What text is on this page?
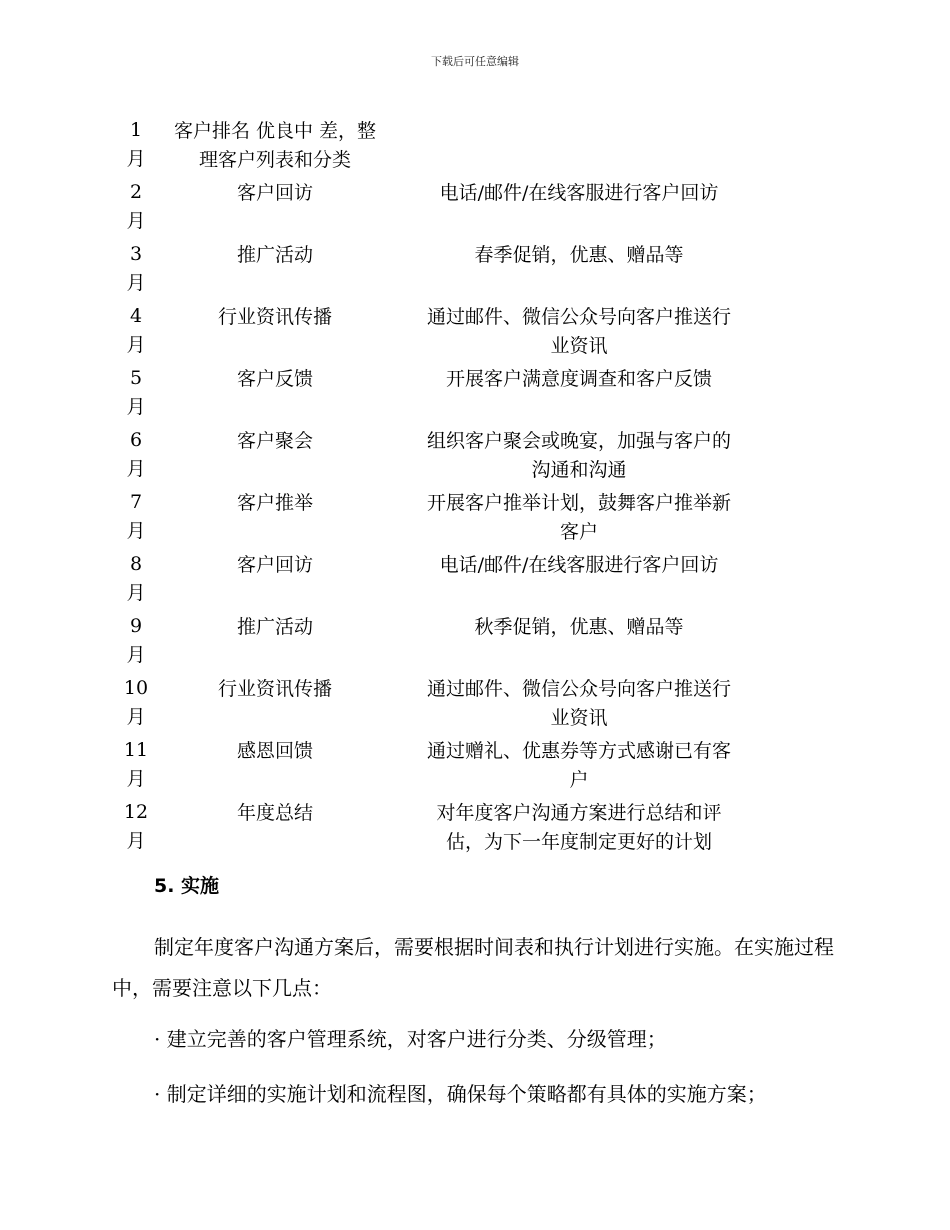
下载后可任意编辑
1
月
客户排名 优良中 差，整
理客户列表和分类
2
月
客户回访	电话/邮件/在线客服进行客户回访
3
月
推广活动	春季促销，优惠、赠品等
4
月
行业资讯传播	通过邮件、微信公众号向客户推送行
业资讯
5
月
客户反馈	开展客户满意度调查和客户反馈
6
月
客户聚会	组织客户聚会或晚宴，加强与客户的
沟通和沟通
7
月
客户推举	开展客户推举计划，鼓舞客户推举新
客户
8
月
客户回访	电话/邮件/在线客服进行客户回访
9
月
推广活动	秋季促销，优惠、赠品等
10
月
行业资讯传播	通过邮件、微信公众号向客户推送行
业资讯
11
月
感恩回馈	通过赠礼、优惠券等方式感谢已有客
户
12
月
年度总结	对年度客户沟通方案进行总结和评
估，为下一年度制定更好的计划
5. 实施
制定年度客户沟通方案后，需要根据时间表和执行计划进行实施。在实施过程中，需要注意以下几点：
· 建立完善的客户管理系统，对客户进行分类、分级管理；
· 制定详细的实施计划和流程图，确保每个策略都有具体的实施方案；
